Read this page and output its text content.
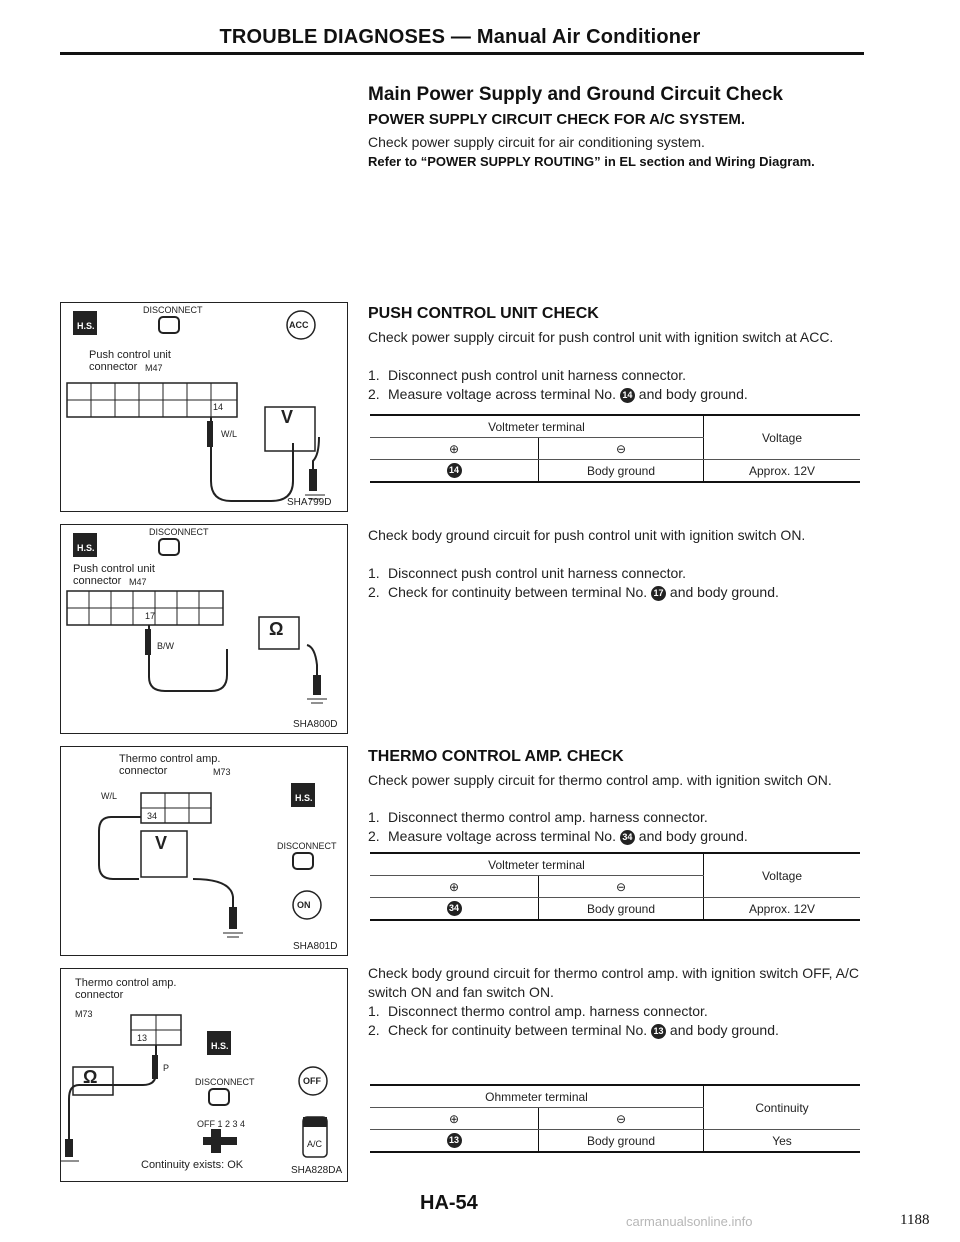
TROUBLE DIAGNOSES — Manual Air Conditioner
Main Power Supply and Ground Circuit Check
POWER SUPPLY CIRCUIT CHECK FOR A/C SYSTEM.
Check power supply circuit for air conditioning system.
Refer to “POWER SUPPLY ROUTING” in EL section and Wiring Diagram.
PUSH CONTROL UNIT CHECK
Check power supply circuit for push control unit with ignition switch at ACC.
1. Disconnect push control unit harness connector.
2. Measure voltage across terminal No. 14 and body ground.
Voltmeter terminal		Voltage
⊕	⊖	
14	Body ground	Approx. 12V
Check body ground circuit for push control unit with ignition switch ON.
1. Disconnect push control unit harness connector.
2. Check for continuity between terminal No. 17 and body ground.
THERMO CONTROL AMP. CHECK
Check power supply circuit for thermo control amp. with ignition switch ON.
1. Disconnect thermo control amp. harness connector.
2. Measure voltage across terminal No. 34 and body ground.
Voltmeter terminal		Voltage
⊕	⊖	
34	Body ground	Approx. 12V
Check body ground circuit for thermo control amp. with ignition switch OFF, A/C switch ON and fan switch ON.
1. Disconnect thermo control amp. harness connector.
2. Check for continuity between terminal No. 13 and body ground.
Ohmmeter terminal		Continuity
⊕	⊖	
13	Body ground	Yes
H.S.
DISCONNECT
ACC
Push control unit connector M47
14
W/L
V
SHA799D
H.S.
DISCONNECT
Push control unit connector M47
17
B/W
Ω
SHA800D
Thermo control amp. connector	M73
34
W/L
V
H.S.
DISCONNECT
ON
SHA801D
Thermo control amp. connector
M73
13
P
Ω
H.S.
DISCONNECT	OFF
OFF 1 2 3 4
A/C
Continuity exists: OK	SHA828DA
HA-54
1188
carmanualsonline.info
